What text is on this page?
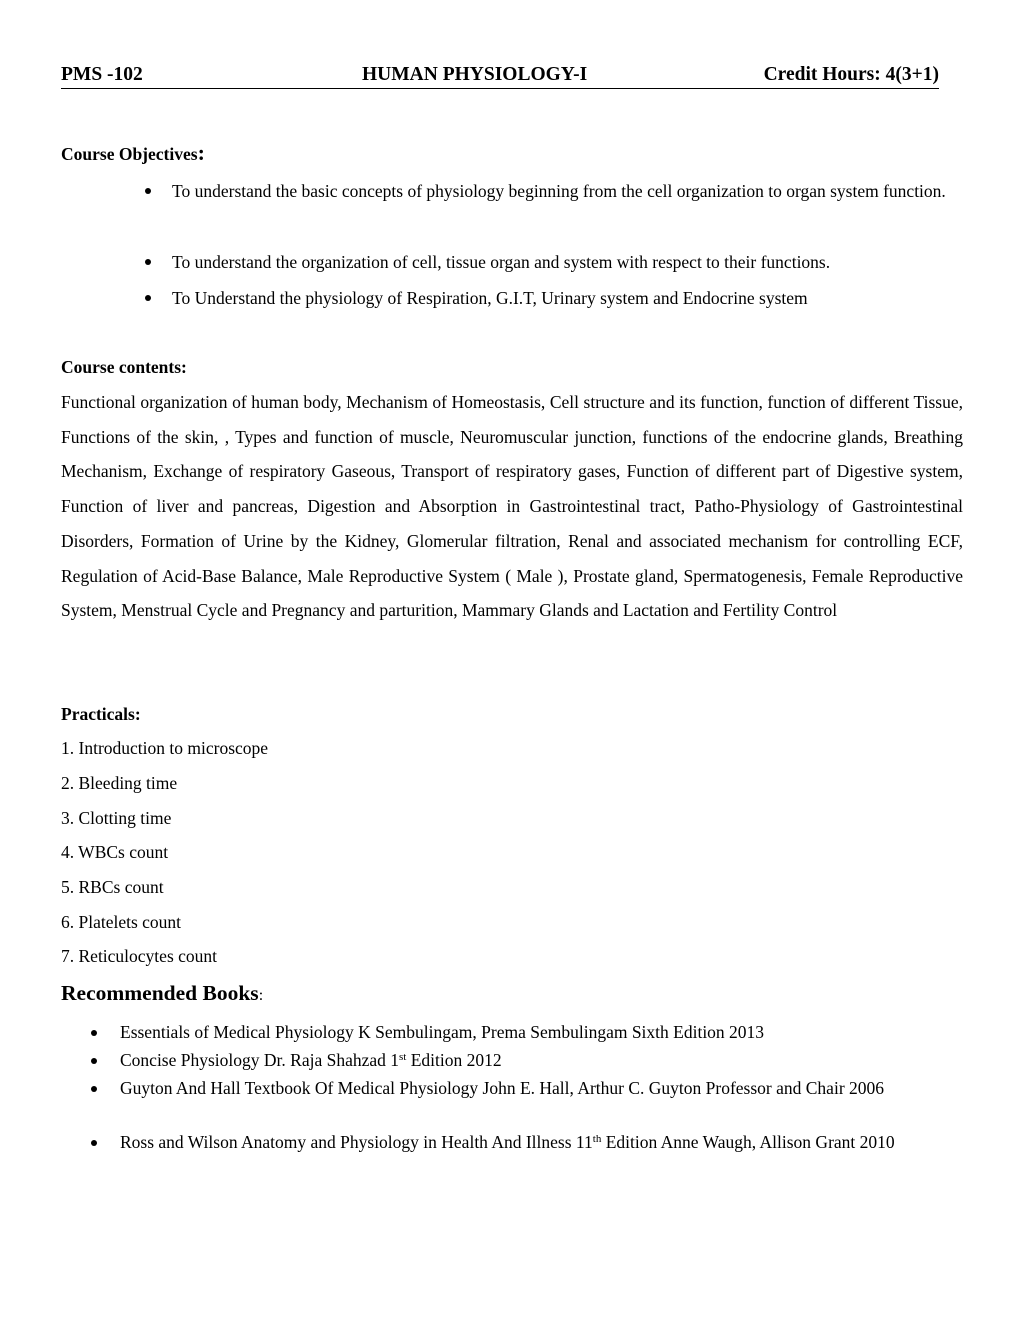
PMS -102	HUMAN PHYSIOLOGY-I	Credit Hours: 4(3+1)
Course Objectives:
To understand the basic concepts of physiology beginning from the cell organization to organ system function.
To understand the organization of cell, tissue organ and system with respect to their functions.
To Understand the physiology of Respiration, G.I.T, Urinary system and Endocrine system
Course contents:
Functional organization of human body, Mechanism of Homeostasis, Cell structure and its function, function of different Tissue, Functions of the skin, , Types and function of muscle, Neuromuscular junction, functions of the endocrine glands, Breathing Mechanism, Exchange of respiratory Gaseous, Transport of respiratory gases, Function of different part of Digestive system, Function of liver and pancreas, Digestion and Absorption in Gastrointestinal tract, Patho-Physiology of Gastrointestinal Disorders, Formation of Urine by the Kidney, Glomerular filtration, Renal and associated mechanism for controlling ECF, Regulation of Acid-Base Balance, Male Reproductive System ( Male ), Prostate gland, Spermatogenesis, Female Reproductive System, Menstrual Cycle and Pregnancy and parturition, Mammary Glands and Lactation and Fertility Control
Practicals:
1. Introduction to microscope
2. Bleeding time
3. Clotting time
4. WBCs count
5. RBCs count
6. Platelets count
7. Reticulocytes count
Recommended Books:
Essentials of Medical Physiology K Sembulingam, Prema Sembulingam Sixth Edition 2013
Concise Physiology Dr. Raja Shahzad 1st Edition 2012
Guyton And Hall Textbook Of Medical Physiology John E. Hall, Arthur C. Guyton Professor and Chair 2006
Ross and Wilson Anatomy and Physiology in Health And Illness 11th Edition Anne Waugh, Allison Grant 2010
